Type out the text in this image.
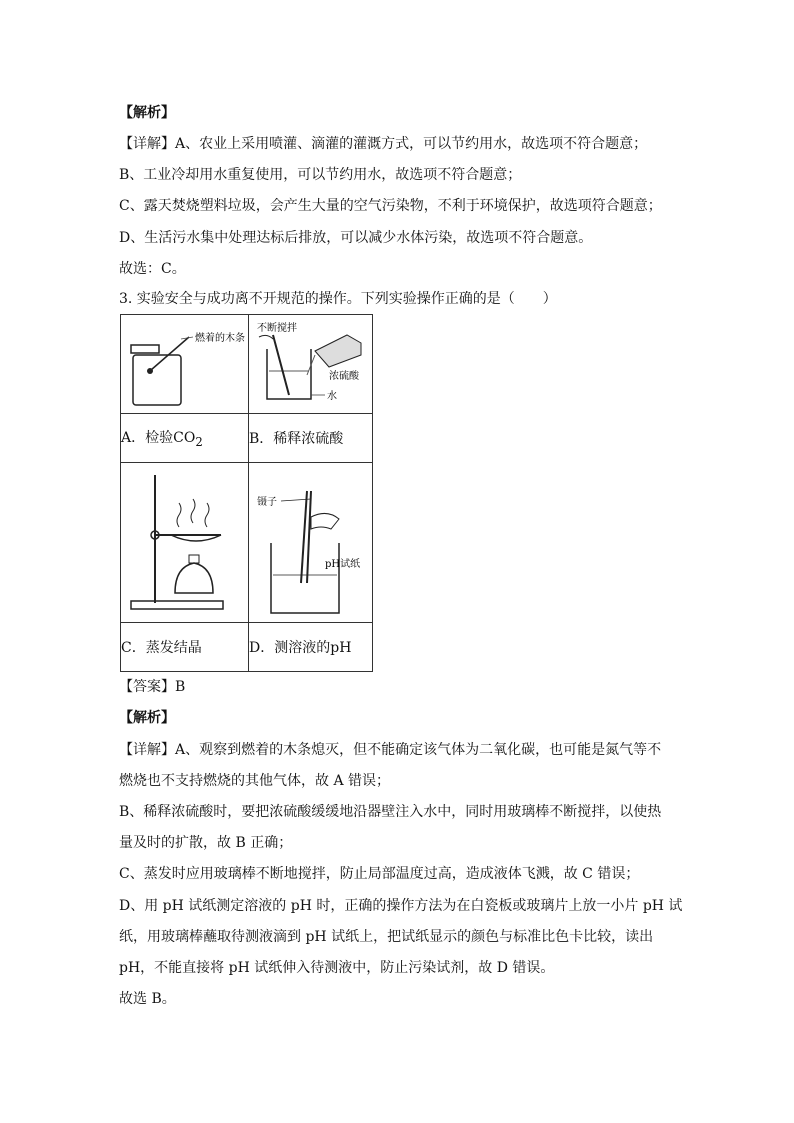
【解析】
【详解】A、农业上采用喷灌、滴灌的灌溉方式，可以节约用水，故选项不符合题意；
B、工业冷却用水重复使用，可以节约用水，故选项不符合题意；
C、露天焚烧塑料垃圾，会产生大量的空气污染物，不利于环境保护，故选项符合题意；
D、生活污水集中处理达标后排放，可以减少水体污染，故选项不符合题意。
故选：C。
3. 实验安全与成功离不开规范的操作。下列实验操作正确的是（　　）
燃着的木条	不断搅拌
浓硫酸
水

A．检验$CO_2$	B．稀释浓硫酸

镊子
pH试纸

C．蒸发结晶	D．测溶液的pH
【答案】B
【解析】
【详解】A、观察到燃着的木条熄灭，但不能确定该气体为二氧化碳，也可能是氮气等不
燃烧也不支持燃烧的其他气体，故 A 错误；
B、稀释浓硫酸时，要把浓硫酸缓缓地沿器壁注入水中，同时用玻璃棒不断搅拌，以使热
量及时的扩散，故 B 正确；
C、蒸发时应用玻璃棒不断地搅拌，防止局部温度过高，造成液体飞溅，故 C 错误；
D、用 pH 试纸测定溶液的 pH 时，正确的操作方法为在白瓷板或玻璃片上放一小片 pH 试
纸，用玻璃棒蘸取待测液滴到 pH 试纸上，把试纸显示的颜色与标准比色卡比较，读出
pH，不能直接将 pH 试纸伸入待测液中，防止污染试剂，故 D 错误。
故选 B。
